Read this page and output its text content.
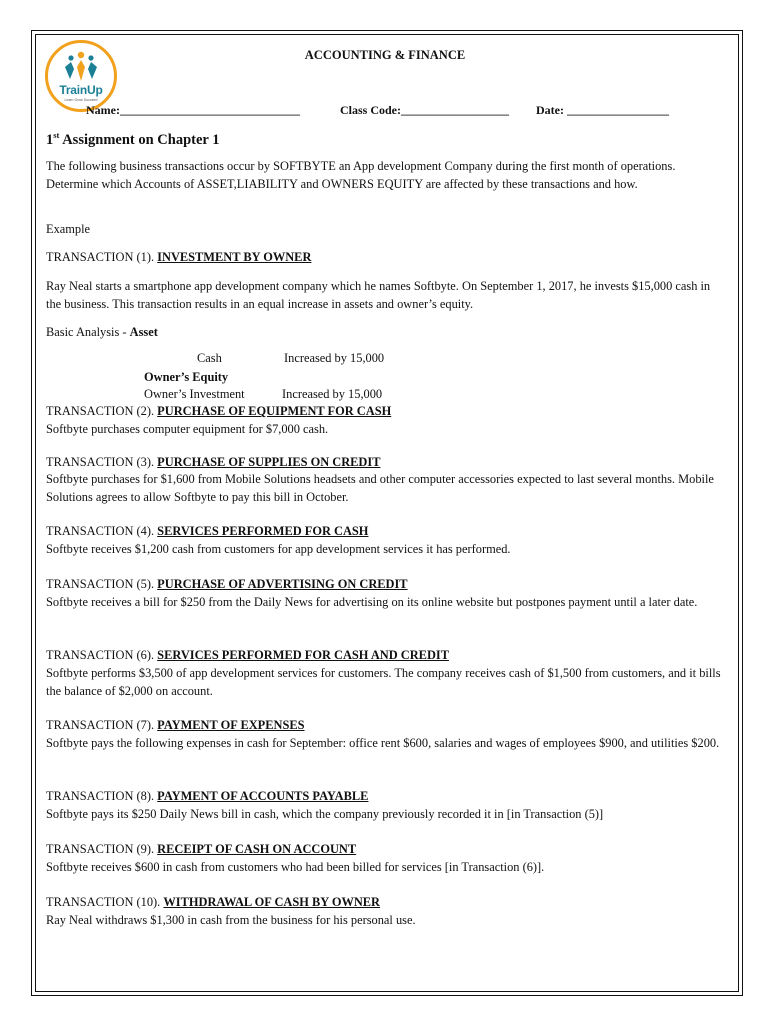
TrainUp
Learn Grow Succeed
ACCOUNTING & FINANCE
Name:______________________________	Class Code:__________________ Date: _________________
1st Assignment on Chapter 1
The following business transactions occur by SOFTBYTE an App development Company during the first month of operations. Determine which Accounts of ASSET,LIABILITY and OWNERS EQUITY are affected by these transactions and how.
Example
TRANSACTION (1). INVESTMENT BY OWNER
Ray Neal starts a smartphone app development company which he names Softbyte. On September 1, 2017, he invests $15,000 cash in the business. This transaction results in an equal increase in assets and owner’s equity.
Basic Analysis - Asset
Cash	Increased by 15,000
Owner’s Equity
Owner’s Investment	Increased by 15,000
TRANSACTION (2). PURCHASE OF EQUIPMENT FOR CASH
Softbyte purchases computer equipment for $7,000 cash.
TRANSACTION (3). PURCHASE OF SUPPLIES ON CREDIT
Softbyte purchases for $1,600 from Mobile Solutions headsets and other computer accessories expected to last several months. Mobile Solutions agrees to allow Softbyte to pay this bill in October.
TRANSACTION (4). SERVICES PERFORMED FOR CASH
Softbyte receives $1,200 cash from customers for app development services it has performed.
TRANSACTION (5). PURCHASE OF ADVERTISING ON CREDIT
Softbyte receives a bill for $250 from the Daily News for advertising on its online website but postpones payment until a later date.
TRANSACTION (6). SERVICES PERFORMED FOR CASH AND CREDIT
Softbyte performs $3,500 of app development services for customers. The company receives cash of $1,500 from customers, and it bills the balance of $2,000 on account.
TRANSACTION (7). PAYMENT OF EXPENSES
Softbyte pays the following expenses in cash for September: office rent $600, salaries and wages of employees $900, and utilities $200.
TRANSACTION (8). PAYMENT OF ACCOUNTS PAYABLE
Softbyte pays its $250 Daily News bill in cash, which the company previously recorded it in [in Transaction (5)]
TRANSACTION (9). RECEIPT OF CASH ON ACCOUNT
Softbyte receives $600 in cash from customers who had been billed for services [in Transaction (6)].
TRANSACTION (10). WITHDRAWAL OF CASH BY OWNER
Ray Neal withdraws $1,300 in cash from the business for his personal use.
